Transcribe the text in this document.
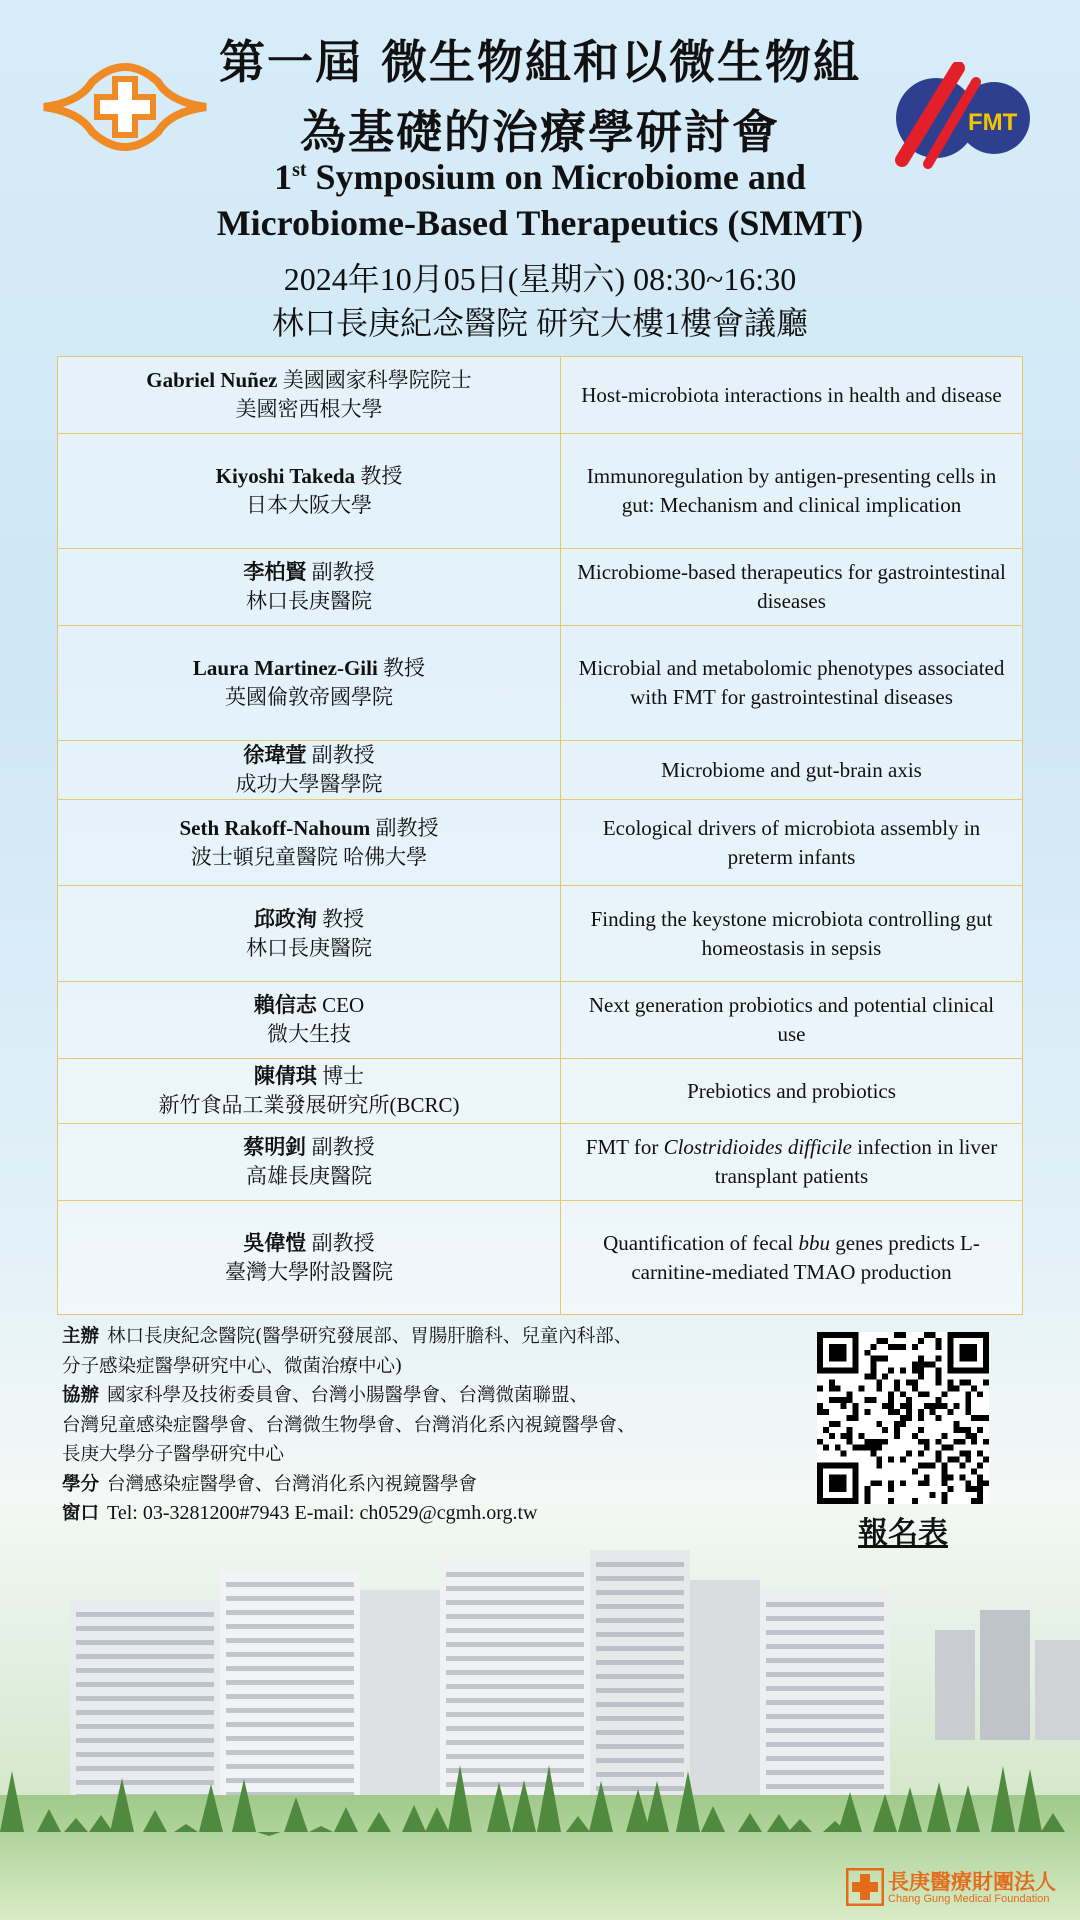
FMT
第一屆 微生物組和以微生物組
為基礎的治療學研討會
1st Symposium on Microbiome and
Microbiome-Based Therapeutics (SMMT)
2024年10月05日(星期六) 08:30~16:30
林口長庚紀念醫院 研究大樓1樓會議廳
Gabriel Nuñez 美國國家科學院院士
美國密西根大學	Host-microbiota interactions in health and disease
Kiyoshi Takeda 教授
日本大阪大學	Immunoregulation by antigen-presenting cells in gut: Mechanism and clinical implication
李柏賢 副教授
林口長庚醫院	Microbiome-based therapeutics for gastrointestinal diseases
Laura Martinez-Gili 教授
英國倫敦帝國學院	Microbial and metabolomic phenotypes associated with FMT for gastrointestinal diseases
徐瑋萱 副教授
成功大學醫學院	Microbiome and gut-brain axis
Seth Rakoff-Nahoum 副教授
波士頓兒童醫院 哈佛大學	Ecological drivers of microbiota assembly in preterm infants
邱政洵 教授
林口長庚醫院	Finding the keystone microbiota controlling gut homeostasis in sepsis
賴信志 CEO
微大生技	Next generation probiotics and potential clinical use
陳倩琪 博士
新竹食品工業發展研究所(BCRC)	Prebiotics and probiotics
蔡明釗 副教授
高雄長庚醫院	FMT for Clostridioides difficile infection in liver transplant patients
吳偉愷 副教授
臺灣大學附設醫院	Quantification of fecal bbu genes predicts L-carnitine-mediated TMAO production
主辦 林口長庚紀念醫院(醫學研究發展部、胃腸肝膽科、兒童內科部、
分子感染症醫學研究中心、微菌治療中心)
協辦 國家科學及技術委員會、台灣小腸醫學會、台灣微菌聯盟、
台灣兒童感染症醫學會、台灣微生物學會、台灣消化系內視鏡醫學會、
長庚大學分子醫學研究中心
學分 台灣感染症醫學會、台灣消化系內視鏡醫學會
窗口 Tel: 03-3281200#7943 E-mail: ch0529@cgmh.org.tw
報名表
長庚醫療財團法人
Chang Gung Medical Foundation
